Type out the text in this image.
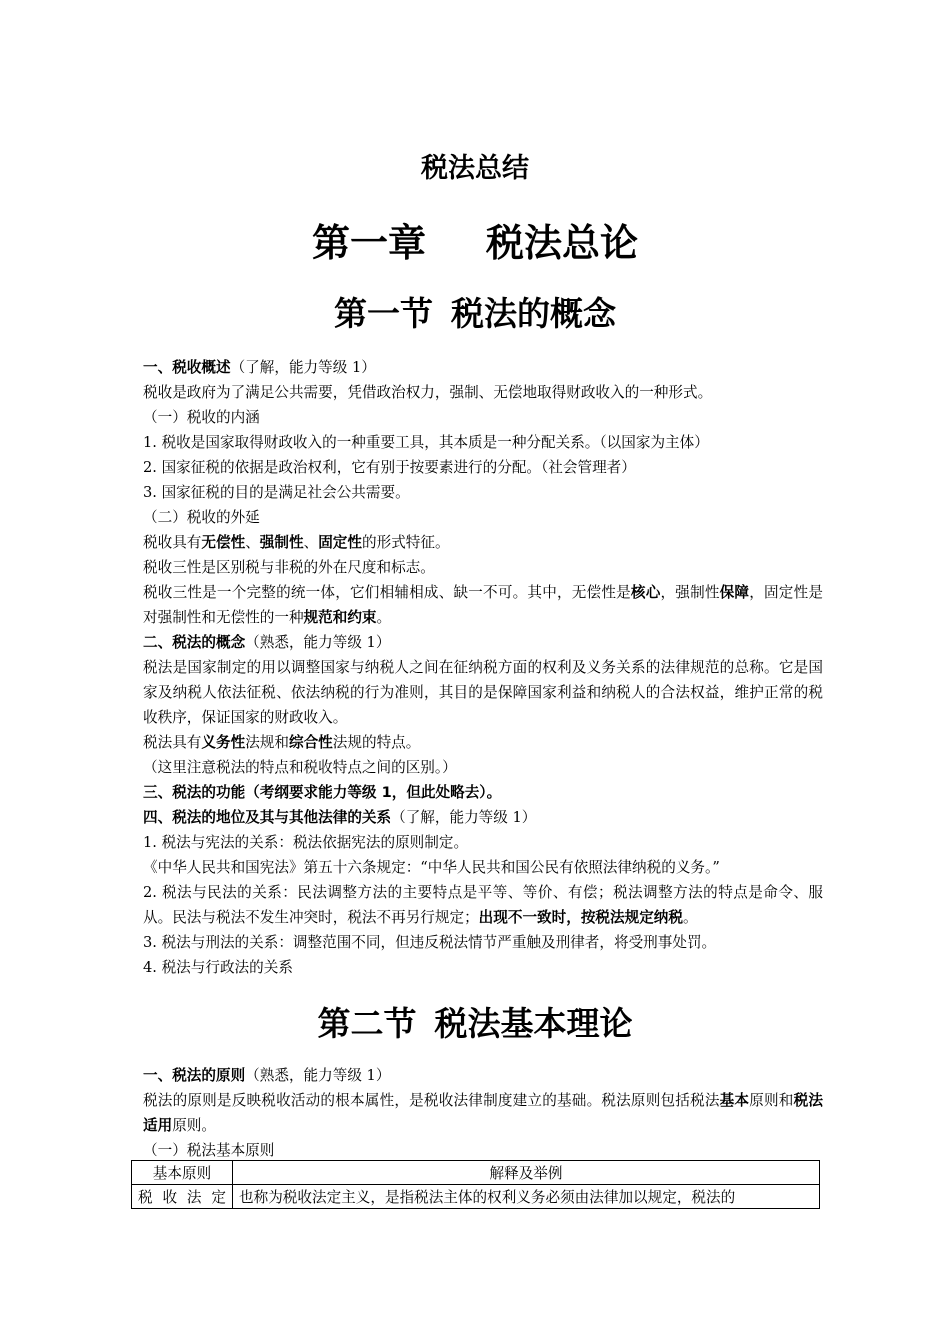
税法总结
第一章 税法总论
第一节 税法的概念
一、税收概述（了解，能力等级 1）
税收是政府为了满足公共需要，凭借政治权力，强制、无偿地取得财政收入的一种形式。
（一）税收的内涵
1. 税收是国家取得财政收入的一种重要工具，其本质是一种分配关系。（以国家为主体）
2. 国家征税的依据是政治权利，它有别于按要素进行的分配。（社会管理者）
3. 国家征税的目的是满足社会公共需要。
（二）税收的外延
税收具有无偿性、强制性、固定性的形式特征。
税收三性是区别税与非税的外在尺度和标志。
税收三性是一个完整的统一体，它们相辅相成、缺一不可。其中，无偿性是核心，强制性保障，固定性是对强制性和无偿性的一种规范和约束。
二、税法的概念（熟悉，能力等级 1）
税法是国家制定的用以调整国家与纳税人之间在征纳税方面的权利及义务关系的法律规范的总称。它是国家及纳税人依法征税、依法纳税的行为准则，其目的是保障国家利益和纳税人的合法权益，维护正常的税收秩序，保证国家的财政收入。
税法具有义务性法规和综合性法规的特点。
（这里注意税法的特点和税收特点之间的区别。）
三、税法的功能（考纲要求能力等级 1，但此处略去）。
四、税法的地位及其与其他法律的关系（了解，能力等级 1）
1. 税法与宪法的关系：税法依据宪法的原则制定。
《中华人民共和国宪法》第五十六条规定：“中华人民共和国公民有依照法律纳税的义务。”
2. 税法与民法的关系：民法调整方法的主要特点是平等、等价、有偿；税法调整方法的特点是命令、服从。民法与税法不发生冲突时，税法不再另行规定；出现不一致时，按税法规定纳税。
3. 税法与刑法的关系：调整范围不同，但违反税法情节严重触及刑律者，将受刑事处罚。
4. 税法与行政法的关系
第二节 税法基本理论
一、税法的原则（熟悉，能力等级 1）
税法的原则是反映税收活动的根本属性，是税收法律制度建立的基础。税法原则包括税法基本原则和税法适用原则。
（一）税法基本原则
基本原则	解释及举例
税 收 法 定	也称为税收法定主义，是指税法主体的权利义务必须由法律加以规定，税法的
